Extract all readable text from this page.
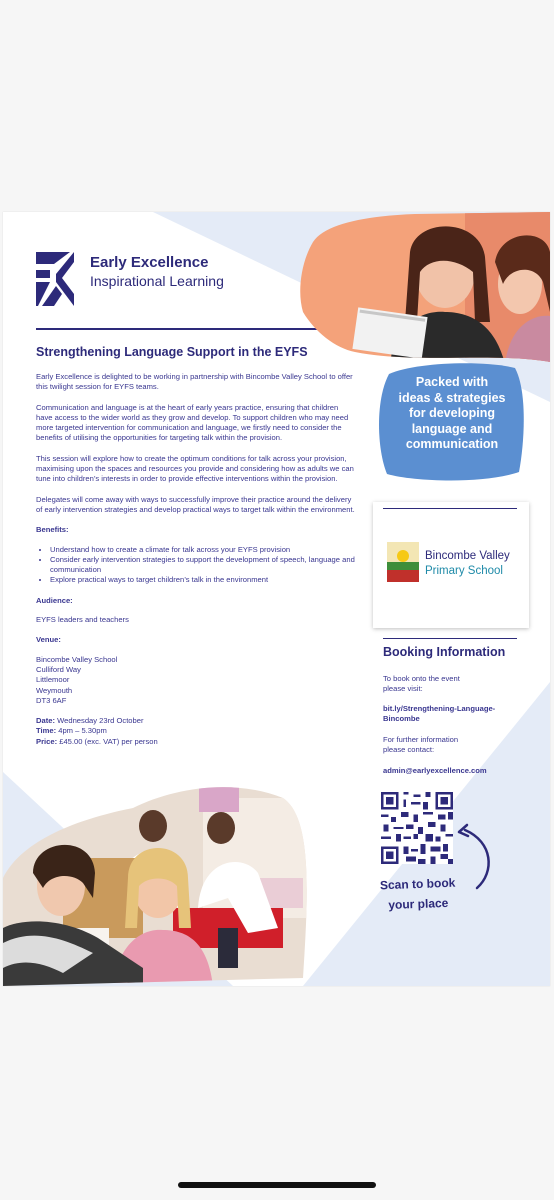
Early Excellence
Inspirational Learning
Strengthening Language Support in the EYFS

Early Excellence is delighted to be working in partnership with Bincombe Valley School to offer this twilight session for EYFS teams.

Communication and language is at the heart of early years practice, ensuring that children have access to the wider world as they grow and develop. To support children who may need more targeted intervention for communication and language, we firstly need to consider the benefits of utilising the opportunities for targeting talk within the provision.

This session will explore how to create the optimum conditions for talk across your provision, maximising upon the spaces and resources you provide and considering how as adults we can tune into children’s interests in order to provide effective interventions within the provision.

Delegates will come away with ways to successfully improve their practice around the delivery of early intervention strategies and develop practical ways to target talk within the environment.

Benefits:
• Understand how to create a climate for talk across your EYFS provision
• Consider early intervention strategies to support the development of speech, language and communication
• Explore practical ways to target children’s talk in the environment
Audience:

EYFS leaders and teachers

Venue:
Bincombe Valley School
Culliford Way
Littlemoor
Weymouth
DT3 6AF
Date: Wednesday 23rd October
Time: 4pm – 5.30pm
Price: £45.00 (exc. VAT) per person
Packed with
ideas & strategies
for developing
language and
communication
Bincombe Valley
Primary School
Booking Information
To book onto the event
please visit:
bit.ly/Strengthening-Language-
Bincombe
For further information
please contact:
admin@earlyexcellence.com
Scan to book
your place
